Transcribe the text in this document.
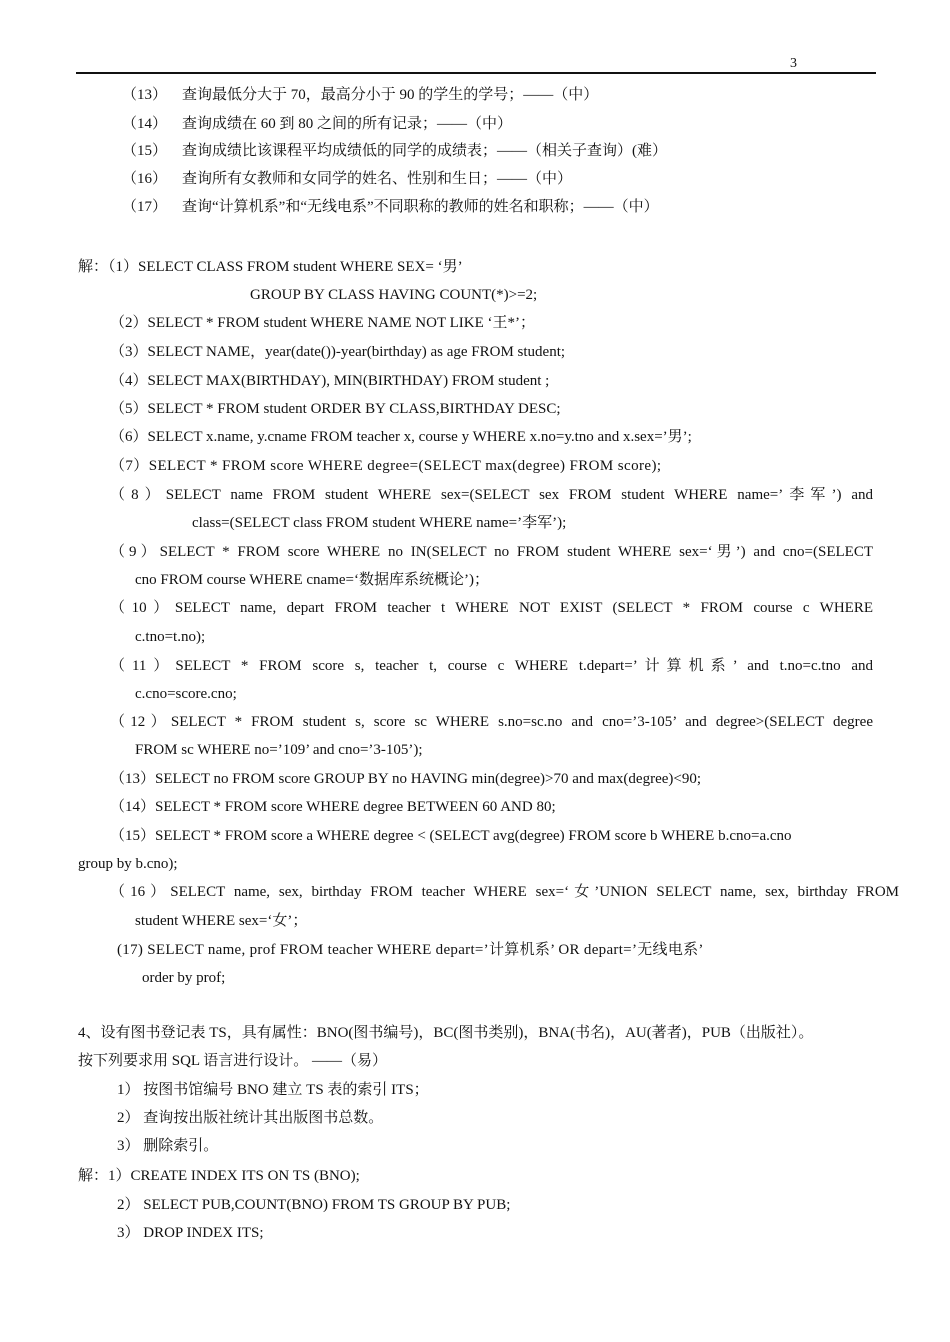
3
（13） 查询最低分大于 70，最高分小于 90 的学生的学号；——（中）
（14） 查询成绩在 60 到 80 之间的所有记录；——（中）
（15） 查询成绩比该课程平均成绩低的同学的成绩表；——（相关子查询）(难）
（16） 查询所有女教师和女同学的姓名、性别和生日；——（中）
（17） 查询“计算机系”和“无线电系”不同职称的教师的姓名和职称；——（中）
解：（1）SELECT CLASS FROM student WHERE SEX= ‘男’
GROUP BY CLASS HAVING COUNT(*)>=2;
（2）SELECT * FROM student WHERE NAME NOT LIKE ‘王*’；
（3）SELECT NAME，year(date())-year(birthday) as age FROM student;
（4）SELECT MAX(BIRTHDAY), MIN(BIRTHDAY) FROM student ;
（5）SELECT * FROM student ORDER BY CLASS,BIRTHDAY DESC;
（6）SELECT x.name, y.cname FROM teacher x, course y WHERE x.no=y.tno and x.sex=’男’;
（7）SELECT * FROM score WHERE degree=(SELECT max(degree) FROM score);
（8）SELECT name FROM student WHERE sex=(SELECT sex FROM student WHERE name=’李军’) and
class=(SELECT class FROM student WHERE name=’李军’);
（9）SELECT * FROM score WHERE no IN(SELECT no FROM student WHERE sex=‘男’) and cno=(SELECT
cno FROM course WHERE cname=‘数据库系统概论’)；
（10）SELECT name, depart FROM teacher t WHERE NOT EXIST (SELECT * FROM course c WHERE
c.tno=t.no);
（11）SELECT * FROM score s, teacher t, course c WHERE t.depart=’计算机系’ and t.no=c.tno and
c.cno=score.cno;
（12）SELECT * FROM student s, score sc WHERE s.no=sc.no and cno=’3-105’ and degree>(SELECT degree
FROM sc WHERE no=’109’ and cno=’3-105’);
（13）SELECT no FROM score GROUP BY no HAVING min(degree)>70 and max(degree)<90;
（14）SELECT * FROM score WHERE degree BETWEEN 60 AND 80;
（15）SELECT * FROM score a WHERE degree < (SELECT avg(degree) FROM score b WHERE b.cno=a.cno
group by b.cno);
（16）SELECT name, sex, birthday FROM teacher WHERE sex=‘女’UNION SELECT name, sex, birthday FROM
student WHERE sex=‘女’；
(17) SELECT name, prof FROM teacher WHERE depart=’计算机系’ OR depart=’无线电系’
order by prof;
4、设有图书登记表 TS，具有属性：BNO(图书编号)，BC(图书类别)，BNA(书名)，AU(著者)，PUB（出版社）。
按下列要求用 SQL 语言进行设计。 ——（易）
1） 按图书馆编号 BNO 建立 TS 表的索引 ITS；
2） 查询按出版社统计其出版图书总数。
3） 删除索引。
解：1）CREATE INDEX ITS ON TS (BNO);
2） SELECT PUB,COUNT(BNO) FROM TS GROUP BY PUB;
3） DROP INDEX ITS;
